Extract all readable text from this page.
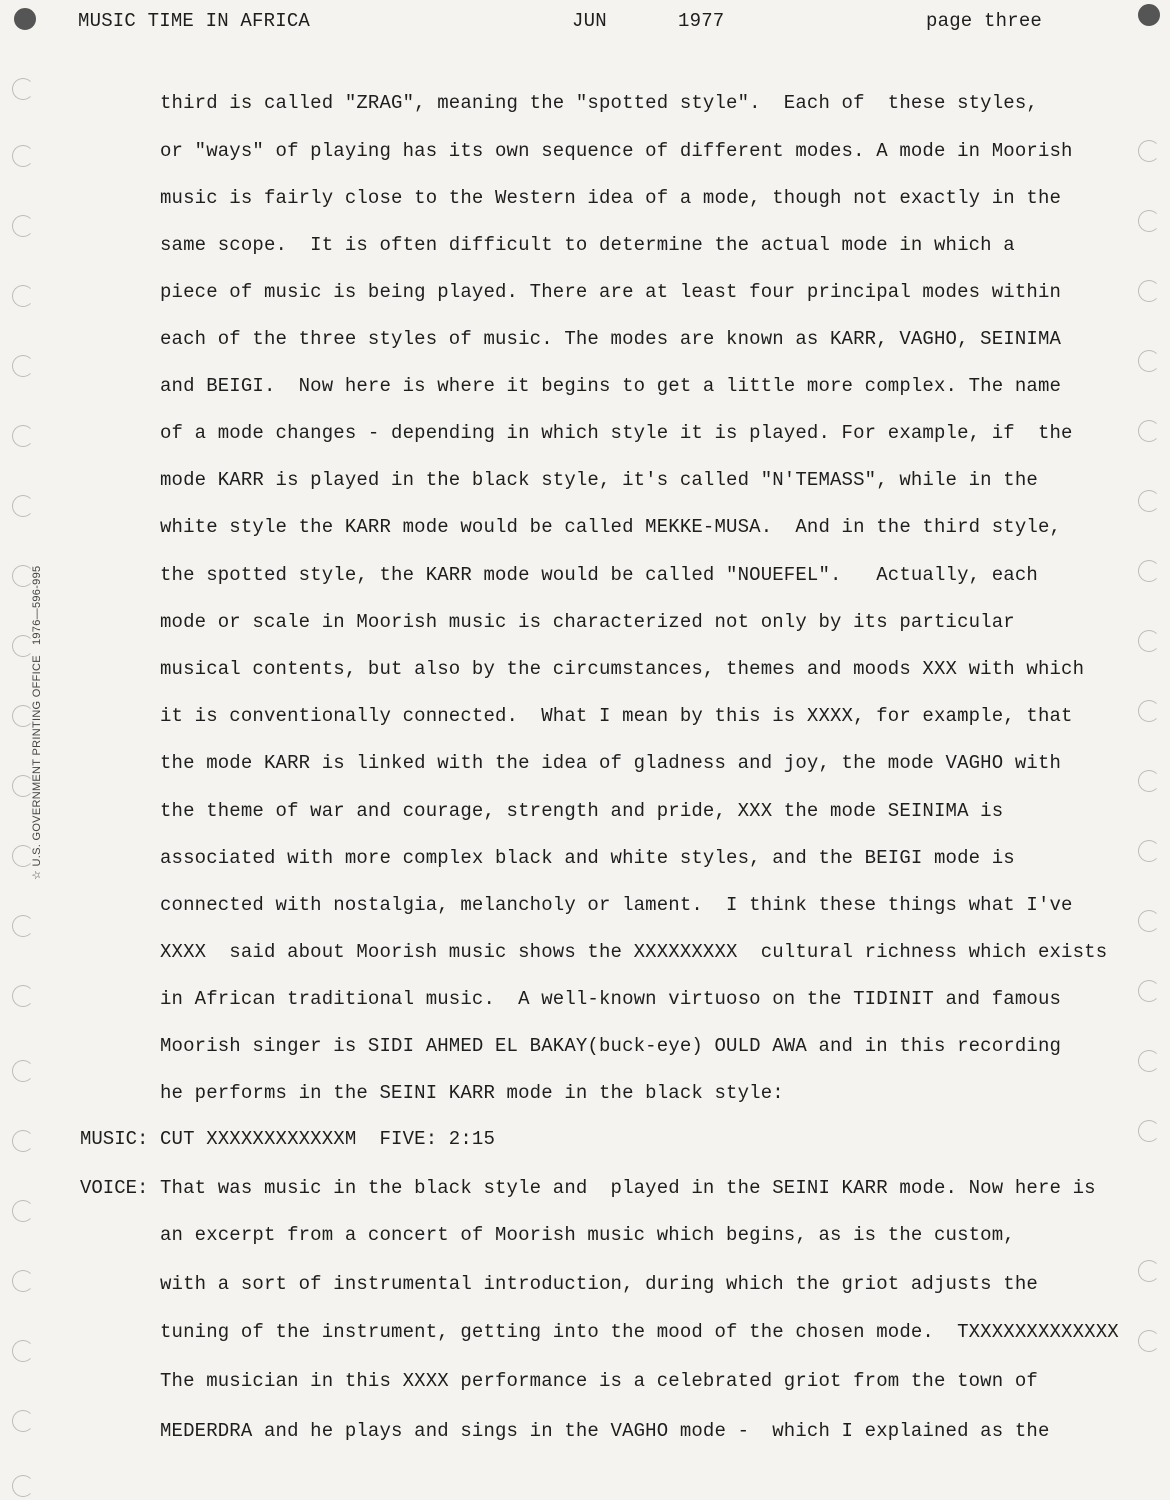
MUSIC TIME IN AFRICA	JUN	1977	page three
third is called "ZRAG", meaning the "spotted style".  Each of  these styles,
or "ways" of playing has its own sequence of different modes. A mode in Moorish
music is fairly close to the Western idea of a mode, though not exactly in the
same scope.  It is often difficult to determine the actual mode in which a
piece of music is being played. There are at least four principal modes within
each of the three styles of music. The modes are known as KARR, VAGHO, SEINIMA
and BEIGI.  Now here is where it begins to get a little more complex. The name
of a mode changes - depending in which style it is played. For example, if  the
mode KARR is played in the black style, it's called "N'TEMASS", while in the
white style the KARR mode would be called MEKKE-MUSA.  And in the third style,
the spotted style, the KARR mode would be called "NOUEFEL".   Actually, each
mode or scale in Moorish music is characterized not only by its particular
musical contents, but also by the circumstances, themes and moods XXX with which
it is conventionally connected.  What I mean by this is XXXX, for example, that
the mode KARR is linked with the idea of gladness and joy, the mode VAGHO with
the theme of war and courage, strength and pride, XXX the mode SEINIMA is
associated with more complex black and white styles, and the BEIGI mode is
connected with nostalgia, melancholy or lament.  I think these things what I've
XXXX  said about Moorish music shows the XXXXXXXXX  cultural richness which exists
in African traditional music.  A well-known virtuoso on the TIDINIT and famous
Moorish singer is SIDI AHMED EL BAKAY(buck-eye) OULD AWA and in this recording
he performs in the SEINI KARR mode in the black style:
MUSIC: CUT XXXXXXXXXXXXM  FIVE: 2:15
VOICE: That was music in the black style and  played in the SEINI KARR mode. Now here is
an excerpt from a concert of Moorish music which begins, as is the custom,
with a sort of instrumental introduction, during which the griot adjusts the
tuning of the instrument, getting into the mood of the chosen mode.  TXXXXXXXXXXXXX
The musician in this XXXX performance is a celebrated griot from the town of
MEDERDRA and he plays and sings in the VAGHO mode -  which I explained as the
☆ U.S. GOVERNMENT PRINTING OFFICE   1976—596-995
